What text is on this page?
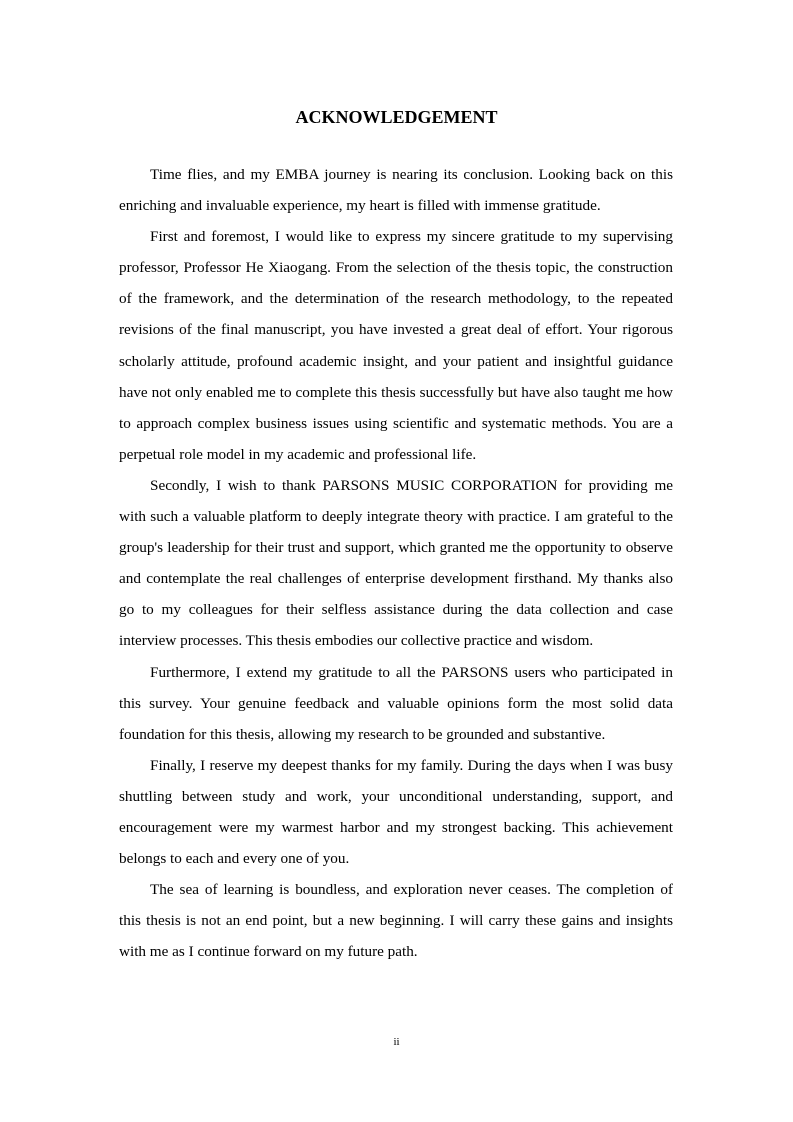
ACKNOWLEDGEMENT

Time flies, and my EMBA journey is nearing its conclusion. Looking back on this enriching and invaluable experience, my heart is filled with immense gratitude.

First and foremost, I would like to express my sincere gratitude to my supervising professor, Professor He Xiaogang. From the selection of the thesis topic, the construction of the framework, and the determination of the research methodology, to the repeated revisions of the final manuscript, you have invested a great deal of effort. Your rigorous scholarly attitude, profound academic insight, and your patient and insightful guidance have not only enabled me to complete this thesis successfully but have also taught me how to approach complex business issues using scientific and systematic methods. You are a perpetual role model in my academic and professional life.

Secondly, I wish to thank PARSONS MUSIC CORPORATION for providing me with such a valuable platform to deeply integrate theory with practice. I am grateful to the group's leadership for their trust and support, which granted me the opportunity to observe and contemplate the real challenges of enterprise development firsthand. My thanks also go to my colleagues for their selfless assistance during the data collection and case interview processes. This thesis embodies our collective practice and wisdom.

Furthermore, I extend my gratitude to all the PARSONS users who participated in this survey. Your genuine feedback and valuable opinions form the most solid data foundation for this thesis, allowing my research to be grounded and substantive.

Finally, I reserve my deepest thanks for my family. During the days when I was busy shuttling between study and work, your unconditional understanding, support, and encouragement were my warmest harbor and my strongest backing. This achievement belongs to each and every one of you.

The sea of learning is boundless, and exploration never ceases. The completion of this thesis is not an end point, but a new beginning. I will carry these gains and insights with me as I continue forward on my future path.

ii
